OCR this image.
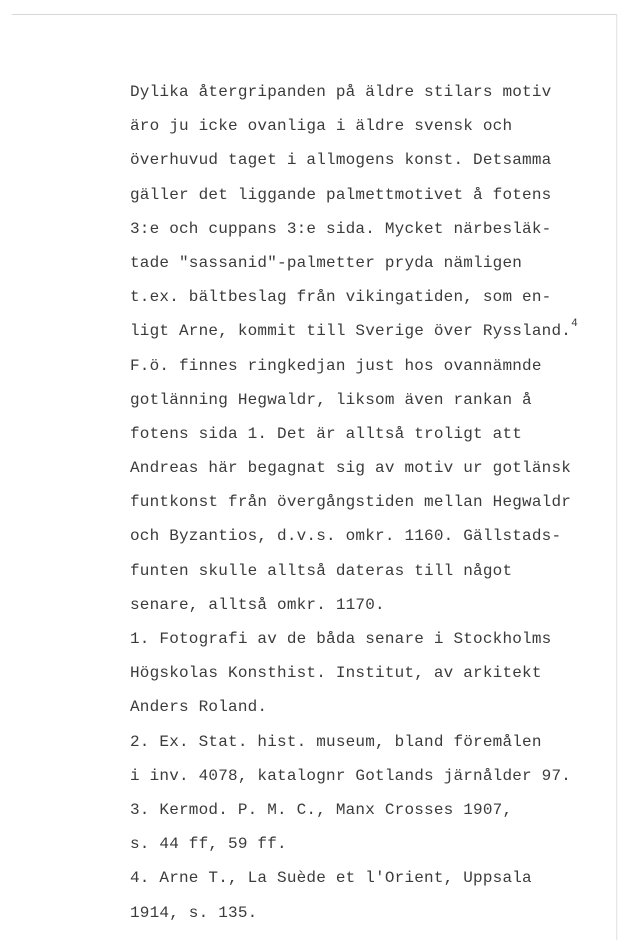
Dylika återgripanden på äldre stilars motiv
äro ju icke ovanliga i äldre svensk och
överhuvud taget i allmogens konst. Detsamma
gäller det liggande palmettmotivet å fotens
3:e och cuppans 3:e sida. Mycket närbesläk-
tade "sassanid"-palmetter pryda nämligen
t.ex. bältbeslag från vikingatiden, som en-
ligt Arne, kommit till Sverige över Ryssland.$^4$
F.ö. finnes ringkedjan just hos ovannämnde
gotlänning Hegwaldr, liksom även rankan å
fotens sida 1. Det är alltså troligt att
Andreas här begagnat sig av motiv ur gotlänsk
funtkonst från övergångstiden mellan Hegwaldr
och Byzantios, d.v.s. omkr. 1160. Gällstads-
funten skulle alltså dateras till något
senare, alltså omkr. 1170.
1. Fotografi av de båda senare i Stockholms
Högskolas Konsthist. Institut, av arkitekt
Anders Roland.
2. Ex. Stat. hist. museum, bland föremålen
i inv. 4078, katalognr Gotlands järnålder 97.
3. Kermod. P. M. C., Manx Crosses 1907,
s. 44 ff, 59 ff.
4. Arne T., La Suède et l'Orient, Uppsala
1914, s. 135.
